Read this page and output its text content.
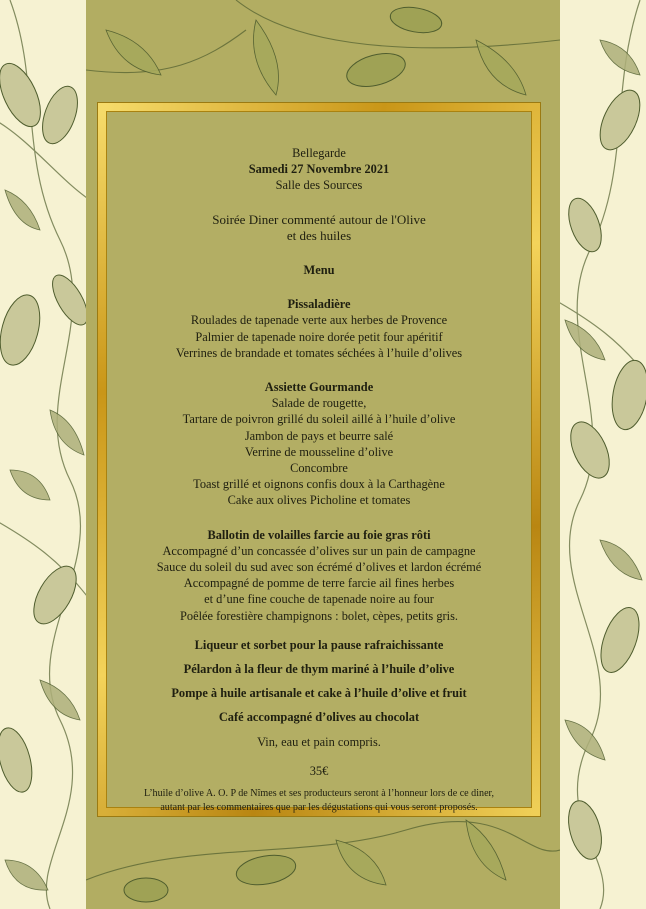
Bellegarde
Samedi 27 Novembre 2021
Salle des Sources
Soirée Diner commenté autour de l'Olive
et des huiles
Menu
Pissaladière
Roulades de tapenade verte aux herbes de Provence
Palmier de tapenade noire dorée petit four apéritif
Verrines de brandade et tomates séchées à l’huile d’olives
Assiette Gourmande
Salade de rougette,
Tartare de poivron grillé du soleil aillé à l’huile d’olive
Jambon de pays et beurre salé
Verrine de mousseline d’olive
Concombre
Toast grillé et oignons confis doux à la Carthagène
Cake aux olives Picholine et tomates
Ballotin de volailles farcie au foie gras rôti
Accompagné d’un concassée d’olives sur un pain de campagne
Sauce du soleil du sud avec son écrémé d’olives et lardon écrémé
Accompagné de pomme de terre farcie ail fines herbes
et d’une fine couche de tapenade noire au four
Poêlée forestière champignons : bolet, cèpes, petits gris.
Liqueur et sorbet pour la pause rafraichissante
Pélardon à la fleur de thym mariné à l’huile d’olive
Pompe à huile artisanale et cake à l’huile d’olive et fruit
Café accompagné d’olives au chocolat
Vin, eau et pain compris.
35€
L’huile d’olive A. O. P de Nîmes et ses producteurs seront à l’honneur lors de ce diner,
autant par les commentaires que par les dégustations qui vous seront proposés.
